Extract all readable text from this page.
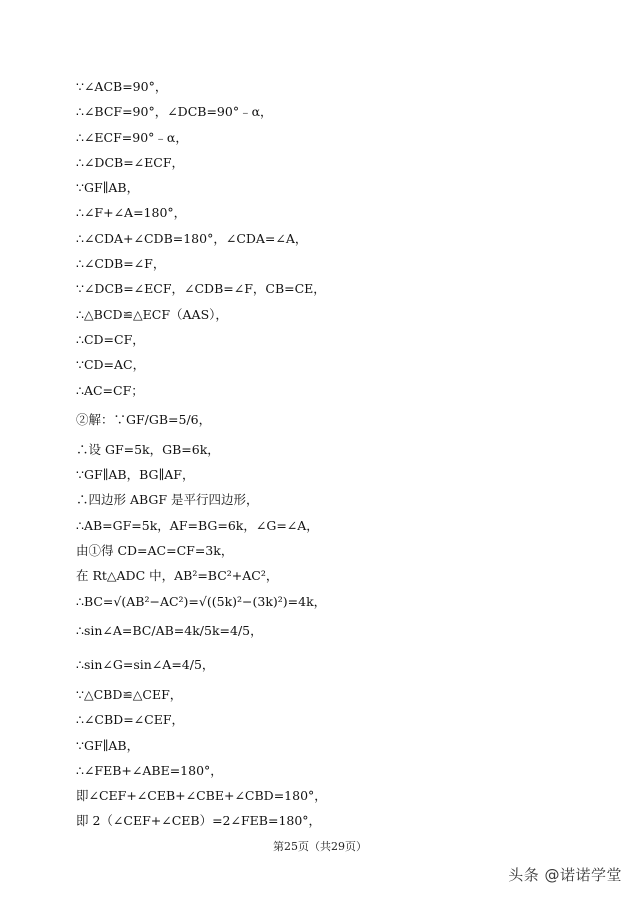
∵∠ACB=90°，
∴∠BCF=90°，∠DCB=90°﹣α，
∴∠ECF=90°﹣α，
∴∠DCB=∠ECF，
∵GF∥AB，
∴∠F+∠A=180°，
∴∠CDA+∠CDB=180°，∠CDA=∠A，
∴∠CDB=∠F，
∵∠DCB=∠ECF，∠CDB=∠F，CB=CE，
∴△BCD≌△ECF（AAS），
∴CD=CF，
∵CD=AC，
∴AC=CF；
②解：∵GF/GB=5/6，
∴设 GF=5k，GB=6k，
∵GF∥AB，BG∥AF，
∴四边形 ABGF 是平行四边形，
∴AB=GF=5k，AF=BG=6k，∠G=∠A，
由①得 CD=AC=CF=3k，
在 Rt△ADC 中，AB²=BC²+AC²，
∴BC=√(AB²−AC²)=√((5k)²−(3k)²)=4k，
∴sin∠A=BC/AB=4k/5k=4/5，
∴sin∠G=sin∠A=4/5，
∵△CBD≌△CEF，
∴∠CBD=∠CEF，
∵GF∥AB，
∴∠FEB+∠ABE=180°，
即∠CEF+∠CEB+∠CBE+∠CBD=180°，
即 2（∠CEF+∠CEB）=2∠FEB=180°，
第25页（共29页）
头条 @诺诺学堂
